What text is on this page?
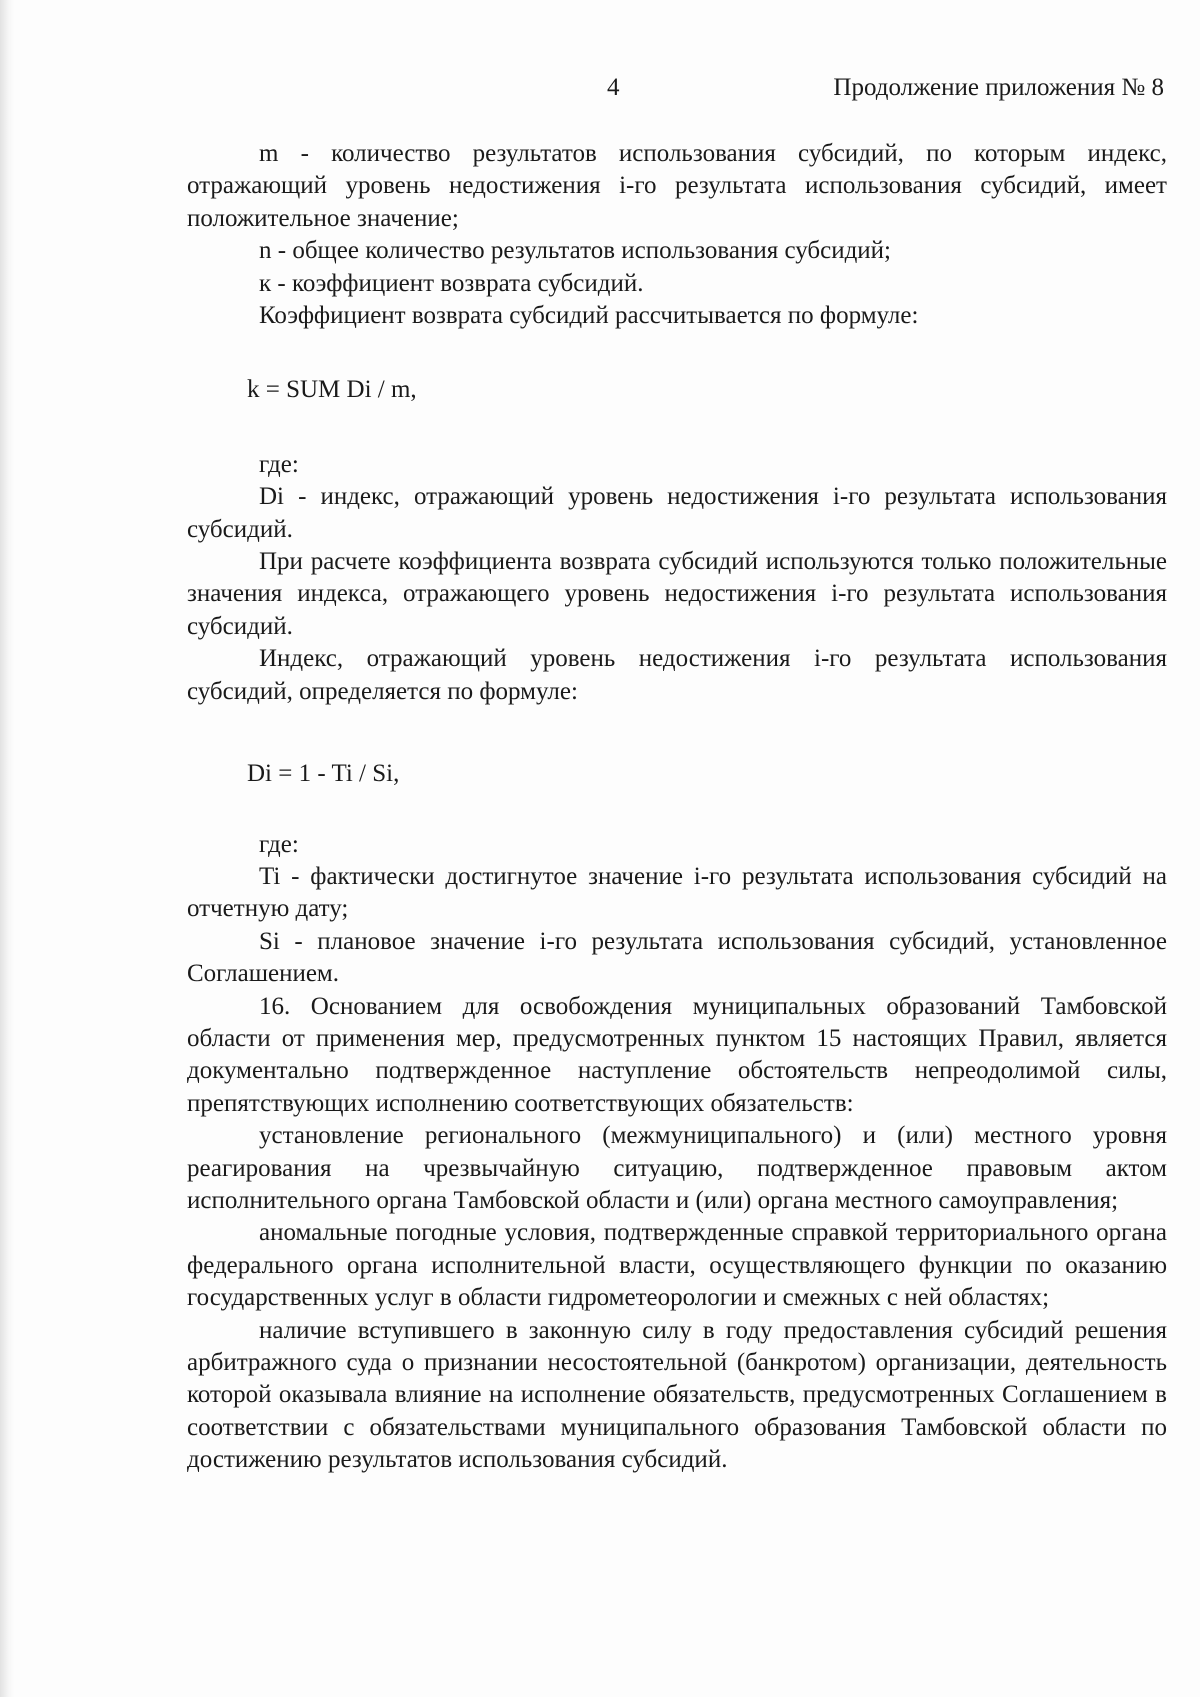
4	Продолжение приложения № 8

m - количество результатов использования субсидий, по которым индекс, отражающий уровень недостижения i-го результата использования субсидий, имеет положительное значение;

n - общее количество результатов использования субсидий;

к - коэффициент возврата субсидий.

Коэффициент возврата субсидий рассчитывается по формуле:

k = SUM Di / m,

где:

Di - индекс, отражающий уровень недостижения i-го результата использования субсидий.

При расчете коэффициента возврата субсидий используются только положительные значения индекса, отражающего уровень недостижения i-го результата использования субсидий.

Индекс, отражающий уровень недостижения i-го результата использования субсидий, определяется по формуле:

Di = 1 - Ti / Si,

где:

Ti - фактически достигнутое значение i-го результата использования субсидий на отчетную дату;

Si - плановое значение i-го результата использования субсидий, установленное Соглашением.

16. Основанием для освобождения муниципальных образований Тамбовской области от применения мер, предусмотренных пунктом 15 настоящих Правил, является документально подтвержденное наступление обстоятельств непреодолимой силы, препятствующих исполнению соответствующих обязательств:

установление регионального (межмуниципального) и (или) местного уровня реагирования на чрезвычайную ситуацию, подтвержденное правовым актом исполнительного органа Тамбовской области и (или) органа местного самоуправления;

аномальные погодные условия, подтвержденные справкой территориального органа федерального органа исполнительной власти, осуществляющего функции по оказанию государственных услуг в области гидрометеорологии и смежных с ней областях;

наличие вступившего в законную силу в году предоставления субсидий решения арбитражного суда о признании несостоятельной (банкротом) организации, деятельность которой оказывала влияние на исполнение обязательств, предусмотренных Соглашением в соответствии с обязательствами муниципального образования Тамбовской области по достижению результатов использования субсидий.
